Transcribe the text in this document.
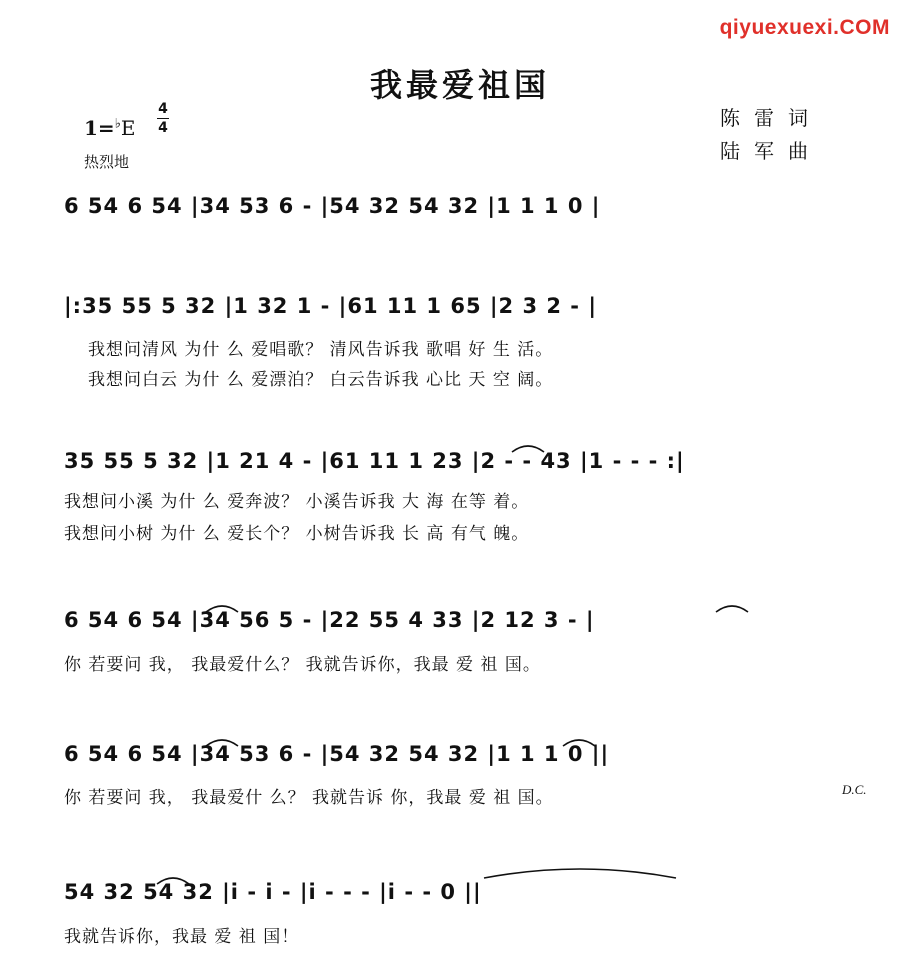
qiyuexuexi.COM
我最爱祖国
1=♭E
4
4
热烈地
陈雷词
陆军曲
6 54 6 54 |34 53 6 - |54 32 54 32 |1 1 1 0 |
|:35 55 5 32 |1 32 1 - |61 11 1 65 |2 3 2 - |
我想问清风 为什 么 爱唱歌？ 清风告诉我 歌唱 好 生 活。
我想问白云 为什 么 爱漂泊？ 白云告诉我 心比 天 空 阔。
35 55 5 32 |1 21 4 - |61 11 1 23 |2 - - 43 |1 - - - :|
我想问小溪 为什 么 爱奔波？ 小溪告诉我 大 海 在等 着。
我想问小树 为什 么 爱长个？ 小树告诉我 长 高 有气 魄。
6 54 6 54 |34 56 5 - |22 55 4 33 |2 12 3 - |
你 若要问 我， 我最爱什么？ 我就告诉你，我最 爱 祖 国。
6 54 6 54 |34 53 6 - |54 32 54 32 |1 1 1 0 ||
你 若要问 我， 我最爱什 么？ 我就告诉 你，我最 爱 祖 国。	D.C.
54 32 54 32 |i - i - |i - - - |i - - 0 ||
我就告诉你，我最 爱 祖 国！
